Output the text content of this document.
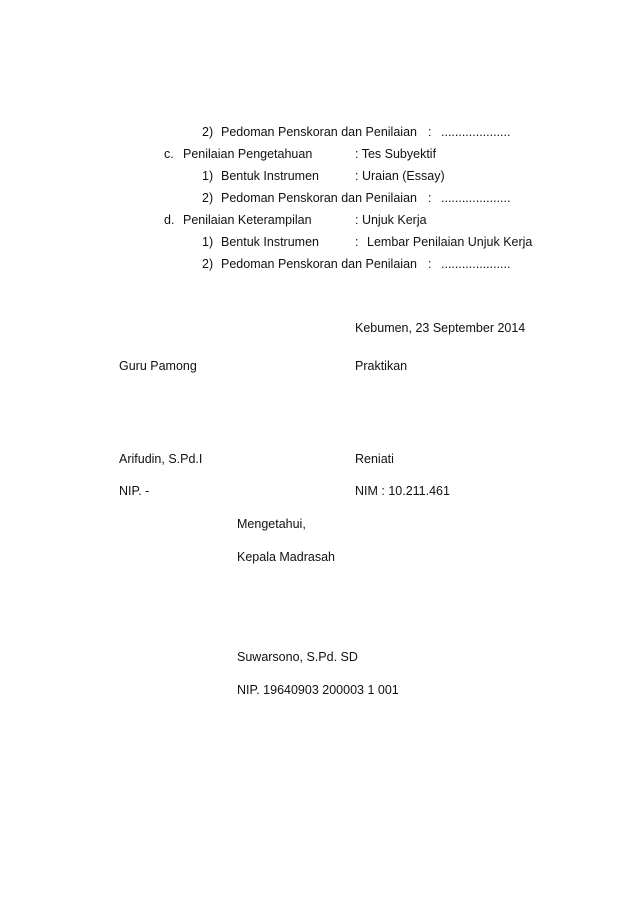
2) Pedoman Penskoran dan Penilaian : ....................
c. Penilaian Pengetahuan	: Tes Subyektif
1) Bentuk Instrumen	: Uraian (Essay)
2) Pedoman Penskoran dan Penilaian : ....................
d. Penilaian Keterampilan	: Unjuk Kerja
1) Bentuk Instrumen	: Lembar Penilaian Unjuk Kerja
2) Pedoman Penskoran dan Penilaian : ....................
Kebumen, 23 September 2014
Guru Pamong	Praktikan
Arifudin, S.Pd.I	Reniati
NIP. -	NIM : 10.211.461
Mengetahui,
Kepala Madrasah
Suwarsono, S.Pd. SD
NIP. 19640903 200003 1 001
